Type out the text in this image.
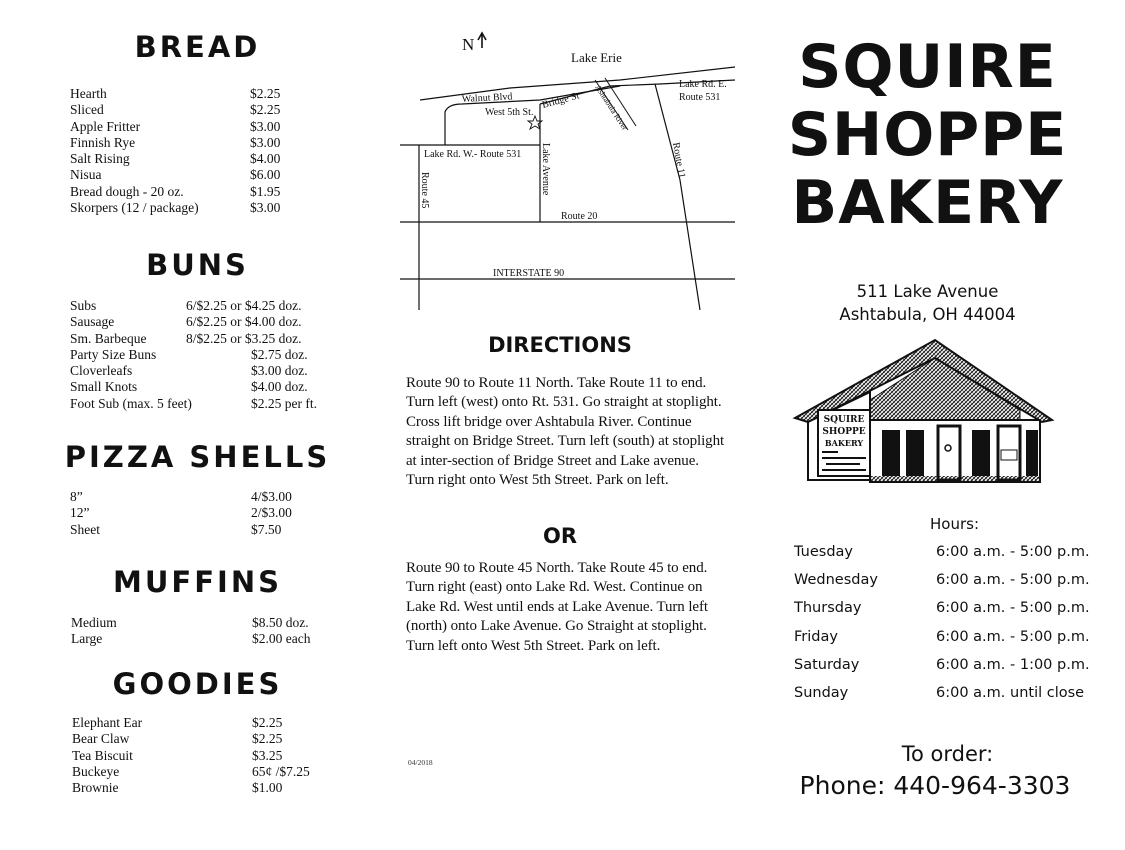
BREAD
Hearth	$2.25
Sliced	$2.25
Apple Fritter	$3.00
Finnish Rye	$3.00
Salt Rising	$4.00
Nisua	$6.00
Bread dough - 20 oz.	$1.95
Skorpers (12 / package)	$3.00
BUNS
Subs	6/$2.25 or $4.25 doz.
Sausage	6/$2.25 or $4.00 doz.
Sm. Barbeque	8/$2.25 or $3.25 doz.
Party Size Buns	$2.75 doz.
Cloverleafs	$3.00 doz.
Small Knots	$4.00 doz.
Foot Sub (max. 5 feet)	$2.25 per ft.
PIZZA SHELLS
8”	4/$3.00
12”	2/$3.00
Sheet	$7.50
MUFFINS
Medium	$8.50 doz.
Large	$2.00 each
GOODIES
Elephant Ear	$2.25
Bear Claw	$2.25
Tea Biscuit	$3.25
Buckeye	65¢ /$7.25
Brownie	$1.00
N
Lake Erie
Walnut Blvd
West 5th St.
Bridge St Ashtabula River	Lake Rd. E.
Route 531
Lake Rd. W.- Route 531
Route 45	Lake Avenue	Route 11
Route 20
INTERSTATE 90
DIRECTIONS
Route 90 to Route 11 North. Take Route 11 to end. Turn left (west) onto Rt. 531. Go straight at stoplight. Cross lift bridge over Ashtabula River. Continue straight on Bridge Street. Turn left (south) at stoplight at inter-section of Bridge Street and Lake avenue. Turn right onto West 5th Street. Park on left.
OR
Route 90 to Route 45 North. Take Route 45 to end. Turn right (east) onto Lake Rd. West. Continue on Lake Rd. West until ends at Lake Avenue. Turn left (north) onto Lake Avenue. Go Straight at stoplight. Turn left onto West 5th Street. Park on left.
04/2018
SQUIRE
SHOPPE
BAKERY
511 Lake Avenue
Ashtabula, OH 44004
SQUIRE
SHOPPE
BAKERY
Hours:
Tuesday	6:00 a.m. - 5:00 p.m.
Wednesday	6:00 a.m. - 5:00 p.m.
Thursday	6:00 a.m. - 5:00 p.m.
Friday	6:00 a.m. - 5:00 p.m.
Saturday	6:00 a.m. - 1:00 p.m.
Sunday	6:00 a.m. until close
To order:
Phone: 440-964-3303
